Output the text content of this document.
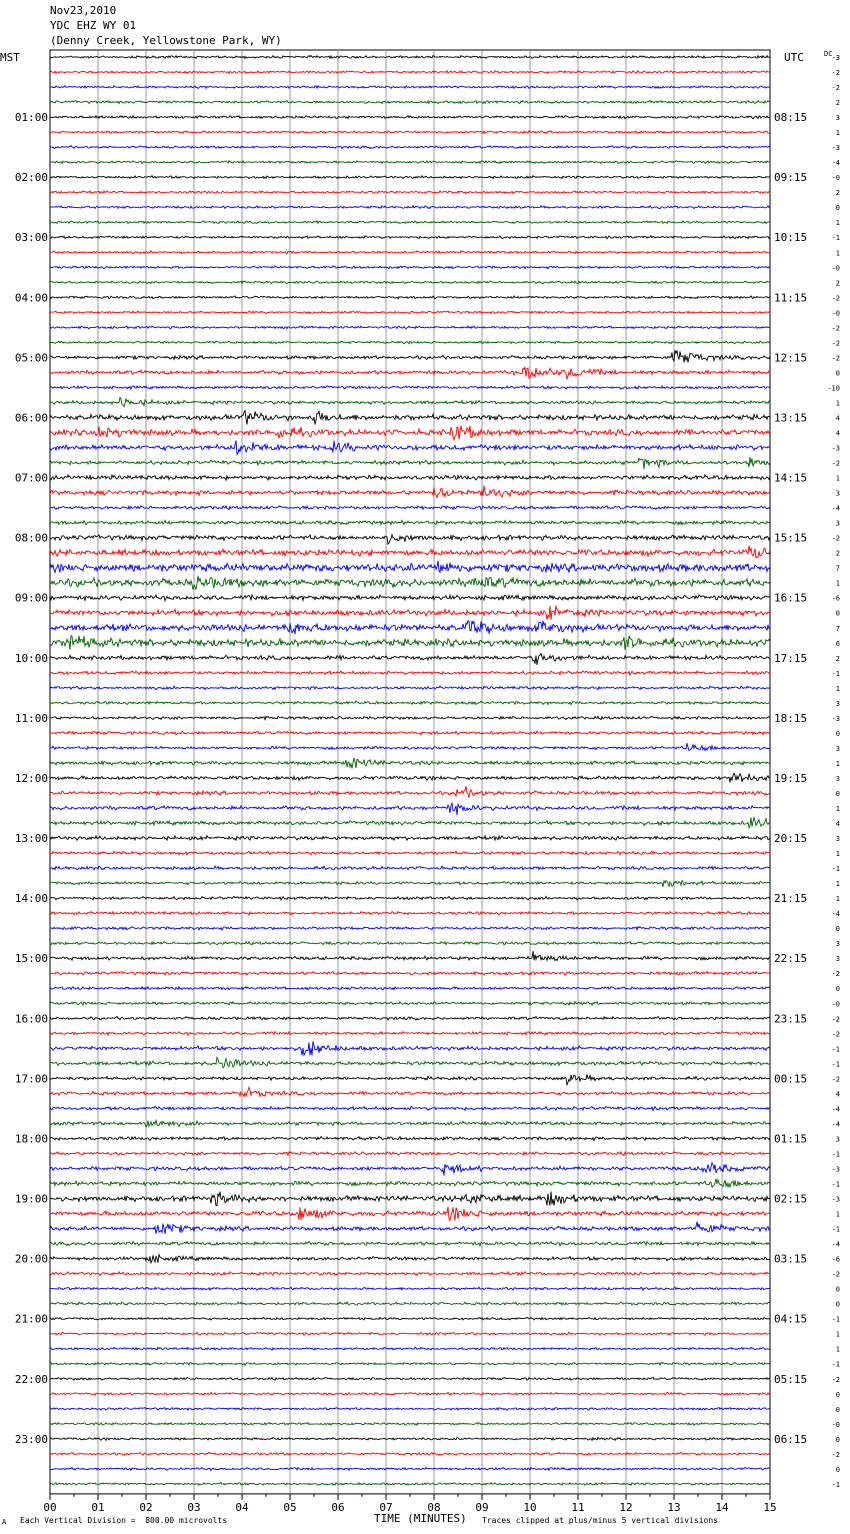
Nov23,2010
YDC EHZ WY 01
(Denny Creek, Yellowstone Park, WY)
MST	UTC	DC
00	01	02	03	04	05	06	07	08	09	10	11	12	13	14	15
-3
-2
-2
2
3
1
-3
-4
-0
2
0
1
-1
1
-0
2
-2
-0
-2
-2
-2
0
-10
1
4
4
-3
-2
1
3
-4
3
-2
2
7
1
-6
0
7
6
2
-1
1
3
-3
0
3
1
3
0
1
4
3
1
-1
1
1
-4
0
3
3
-2
0
-0
-2
-2
-1
-1
-2
4
-4
-4
3
-1
-3
-1
-3
1
-1
-4
-6
-2
0
0
-1
1
1
-1
-2
0
0
-0
0
-2
0
-1
01:00
02:00
03:00
04:00
05:00
06:00
07:00
08:00
09:00
10:00
11:00
12:00
13:00
14:00
15:00
16:00
17:00
18:00
19:00
20:00
21:00
22:00
23:00
08:15
09:15
10:15
11:15
12:15
13:15
14:15
15:15
16:15
17:15
18:15
19:15
20:15
21:15
22:15
23:15
00:15
01:15
02:15
03:15
04:15
05:15
06:15
A Each Vertical Division =  800.00 microvolts	TIME (MINUTES) Traces clipped at plus/minus 5 vertical divisions
